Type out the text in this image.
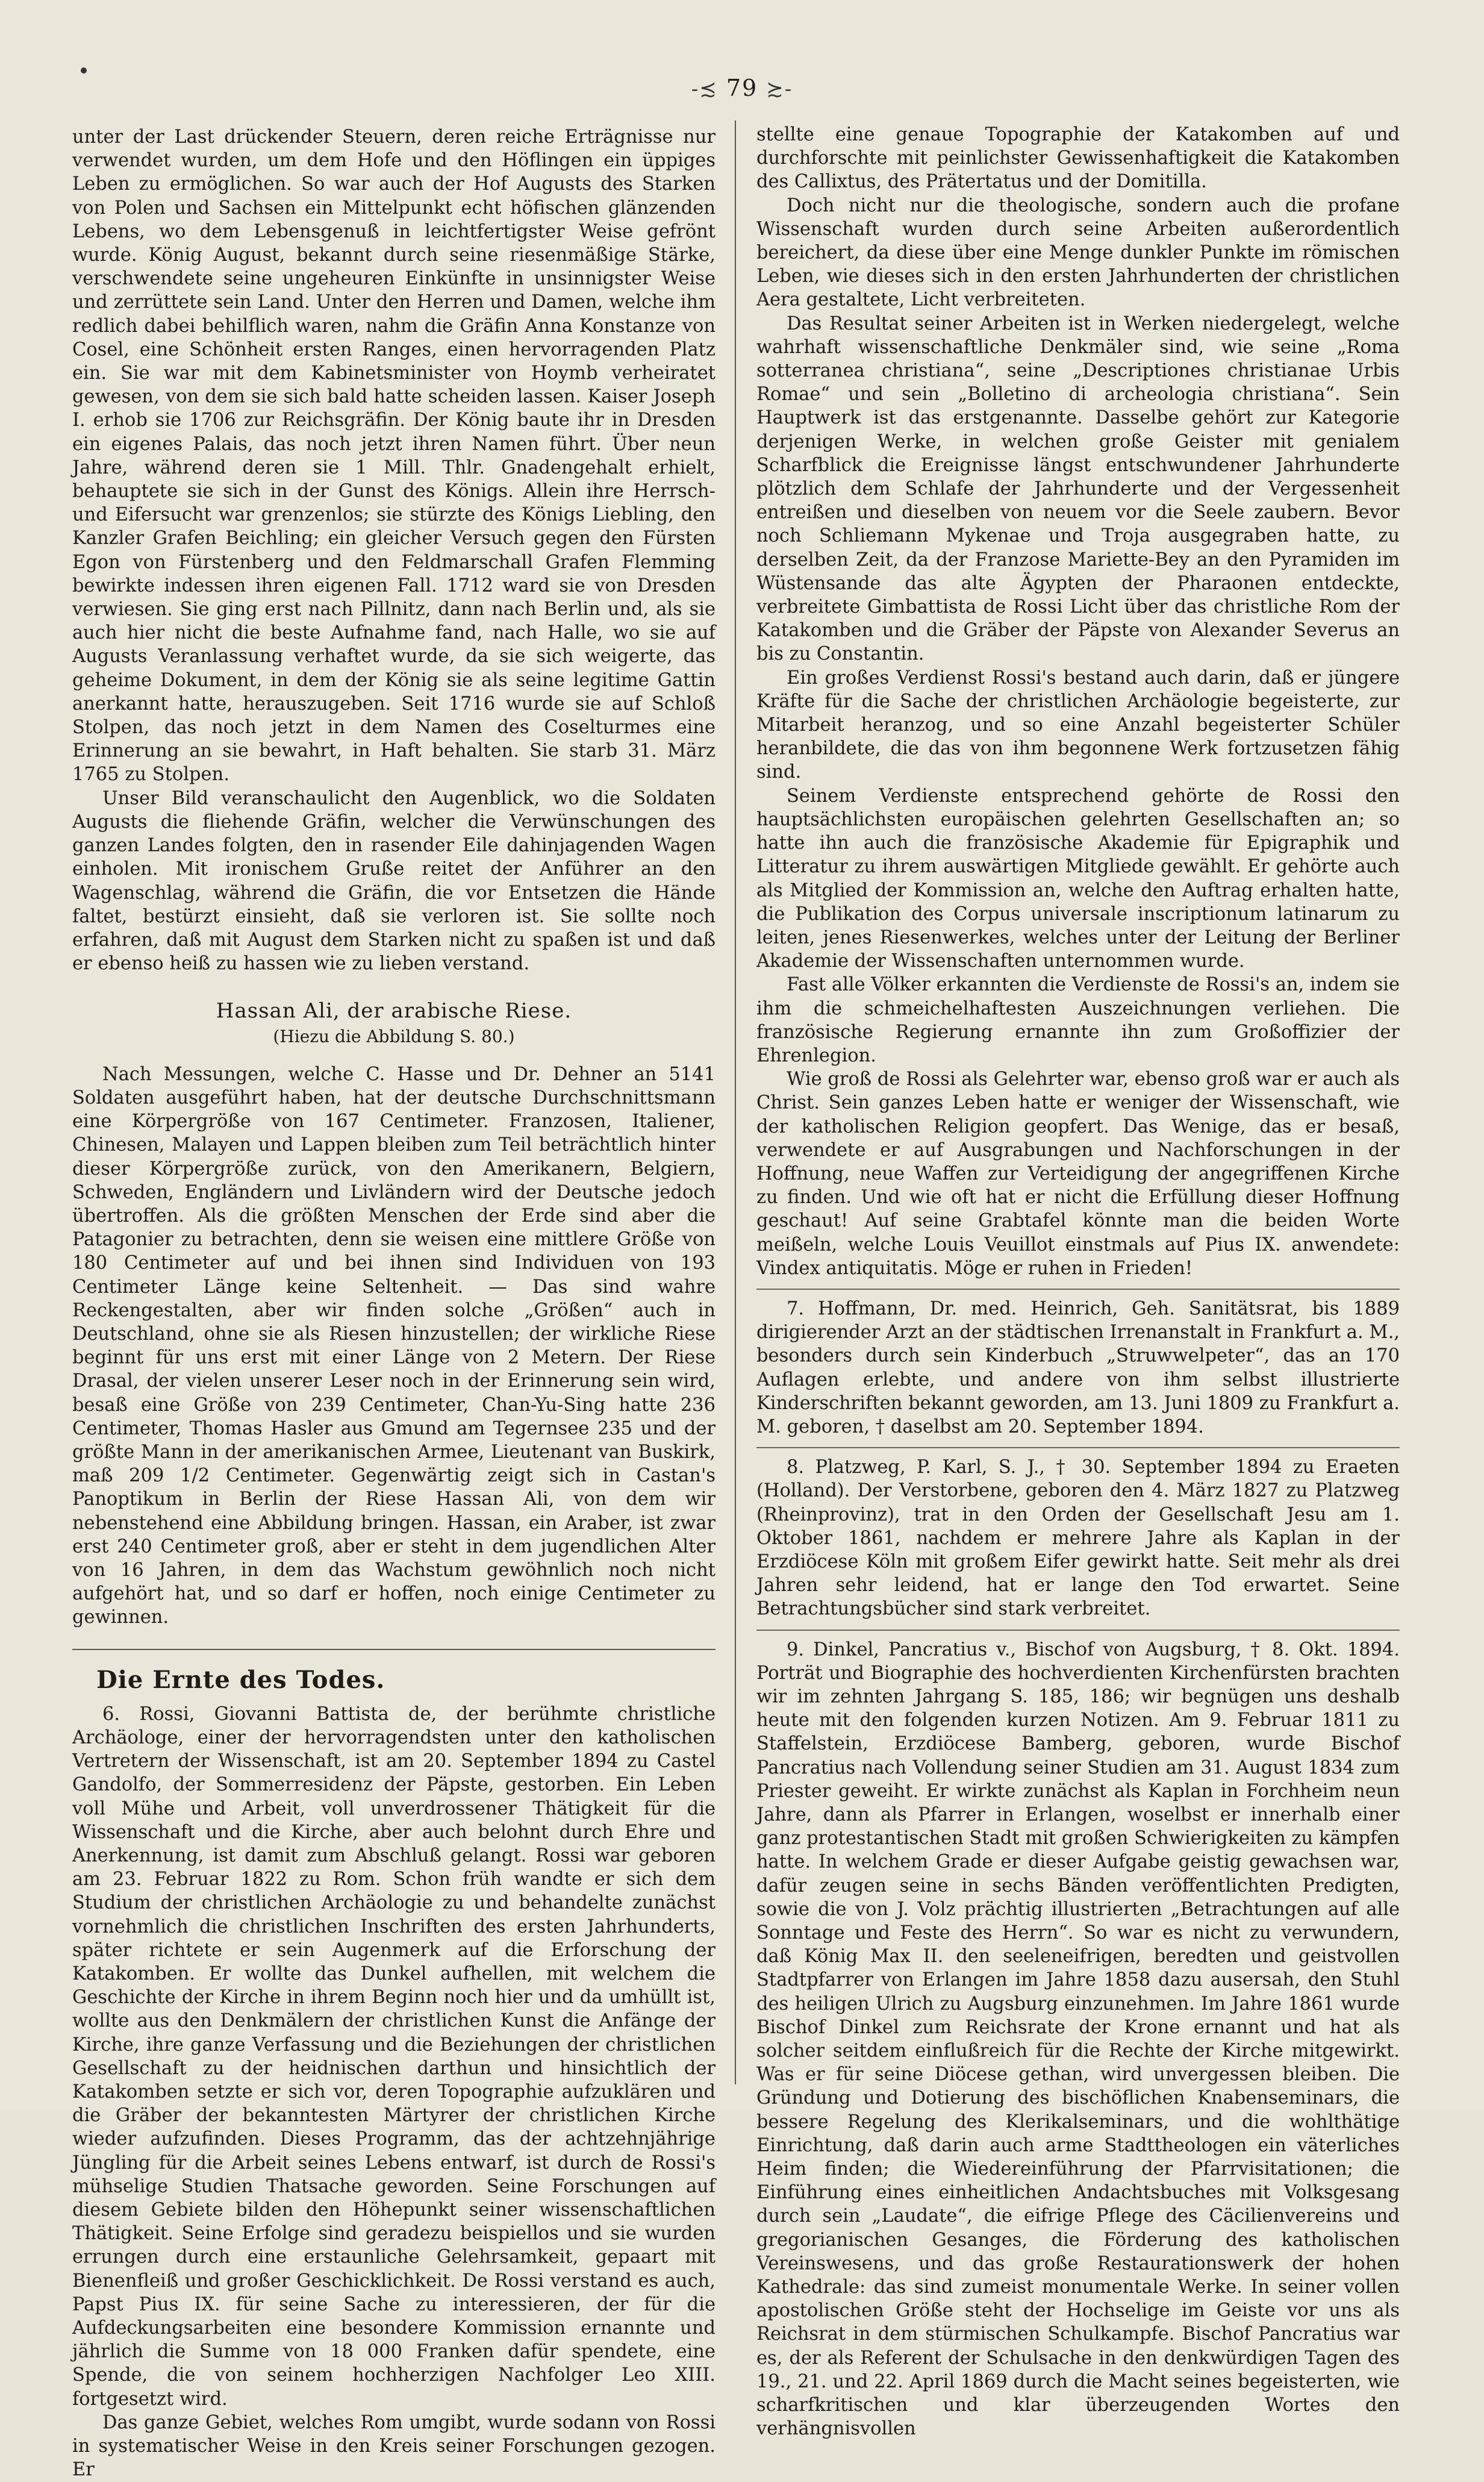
-≾ 79 ≿-

unter der Last drückender Steuern, deren reiche Erträgnisse nur verwendet wurden, um dem Hofe und den Höflingen ein üppiges Leben zu ermöglichen. So war auch der Hof Augusts des Starken von Polen und Sachsen ein Mittelpunkt echt höfischen glänzenden Lebens, wo dem Lebensgenuß in leichtfertigster Weise gefrönt wurde. König August, bekannt durch seine riesenmäßige Stärke, verschwendete seine ungeheuren Einkünfte in unsinnigster Weise und zerrüttete sein Land. Unter den Herren und Damen, welche ihm redlich dabei behilflich waren, nahm die Gräfin Anna Konstanze von Cosel, eine Schönheit ersten Ranges, einen hervorragenden Platz ein. Sie war mit dem Kabinetsminister von Hoymb verheiratet gewesen, von dem sie sich bald hatte scheiden lassen. Kaiser Joseph I. erhob sie 1706 zur Reichsgräfin. Der König baute ihr in Dresden ein eigenes Palais, das noch jetzt ihren Namen führt. Über neun Jahre, während deren sie 1 Mill. Thlr. Gnadengehalt erhielt, behauptete sie sich in der Gunst des Königs. Allein ihre Herrsch- und Eifersucht war grenzenlos; sie stürzte des Königs Liebling, den Kanzler Grafen Beichling; ein gleicher Versuch gegen den Fürsten Egon von Fürstenberg und den Feldmarschall Grafen Flemming bewirkte indessen ihren eigenen Fall. 1712 ward sie von Dresden verwiesen. Sie ging erst nach Pillnitz, dann nach Berlin und, als sie auch hier nicht die beste Aufnahme fand, nach Halle, wo sie auf Augusts Veranlassung verhaftet wurde, da sie sich weigerte, das geheime Dokument, in dem der König sie als seine legitime Gattin anerkannt hatte, herauszugeben. Seit 1716 wurde sie auf Schloß Stolpen, das noch jetzt in dem Namen des Coselturmes eine Erinnerung an sie bewahrt, in Haft behalten. Sie starb 31. März 1765 zu Stolpen.

Unser Bild veranschaulicht den Augenblick, wo die Soldaten Augusts die fliehende Gräfin, welcher die Verwünschungen des ganzen Landes folgten, den in rasender Eile dahinjagenden Wagen einholen. Mit ironischem Gruße reitet der Anführer an den Wagenschlag, während die Gräfin, die vor Entsetzen die Hände faltet, bestürzt einsieht, daß sie verloren ist. Sie sollte noch erfahren, daß mit August dem Starken nicht zu spaßen ist und daß er ebenso heiß zu hassen wie zu lieben verstand.

Hassan Ali, der arabische Riese.
(Hiezu die Abbildung S. 80.)

Nach Messungen, welche C. Hasse und Dr. Dehner an 5141 Soldaten ausgeführt haben, hat der deutsche Durchschnittsmann eine Körpergröße von 167 Centimeter. Franzosen, Italiener, Chinesen, Malayen und Lappen bleiben zum Teil beträchtlich hinter dieser Körpergröße zurück, von den Amerikanern, Belgiern, Schweden, Engländern und Livländern wird der Deutsche jedoch übertroffen. Als die größten Menschen der Erde sind aber die Patagonier zu betrachten, denn sie weisen eine mittlere Größe von 180 Centimeter auf und bei ihnen sind Individuen von 193 Centimeter Länge keine Seltenheit. — Das sind wahre Reckengestalten, aber wir finden solche „Größen“ auch in Deutschland, ohne sie als Riesen hinzustellen; der wirkliche Riese beginnt für uns erst mit einer Länge von 2 Metern. Der Riese Drasal, der vielen unserer Leser noch in der Erinnerung sein wird, besaß eine Größe von 239 Centimeter, Chan-Yu-Sing hatte 236 Centimeter, Thomas Hasler aus Gmund am Tegernsee 235 und der größte Mann in der amerikanischen Armee, Lieutenant van Buskirk, maß 209 1/2 Centimeter. Gegenwärtig zeigt sich in Castan's Panoptikum in Berlin der Riese Hassan Ali, von dem wir nebenstehend eine Abbildung bringen. Hassan, ein Araber, ist zwar erst 240 Centimeter groß, aber er steht in dem jugendlichen Alter von 16 Jahren, in dem das Wachstum gewöhnlich noch nicht aufgehört hat, und so darf er hoffen, noch einige Centimeter zu gewinnen.

Die Ernte des Todes.

6. Rossi, Giovanni Battista de, der berühmte christliche Archäologe, einer der hervorragendsten unter den katholischen Vertretern der Wissenschaft, ist am 20. September 1894 zu Castel Gandolfo, der Sommerresidenz der Päpste, gestorben. Ein Leben voll Mühe und Arbeit, voll unverdrossener Thätigkeit für die Wissenschaft und die Kirche, aber auch belohnt durch Ehre und Anerkennung, ist damit zum Abschluß gelangt. Rossi war geboren am 23. Februar 1822 zu Rom. Schon früh wandte er sich dem Studium der christlichen Archäologie zu und behandelte zunächst vornehmlich die christlichen Inschriften des ersten Jahrhunderts, später richtete er sein Augenmerk auf die Erforschung der Katakomben. Er wollte das Dunkel aufhellen, mit welchem die Geschichte der Kirche in ihrem Beginn noch hier und da umhüllt ist, wollte aus den Denkmälern der christlichen Kunst die Anfänge der Kirche, ihre ganze Verfassung und die Beziehungen der christlichen Gesellschaft zu der heidnischen darthun und hinsichtlich der Katakomben setzte er sich vor, deren Topographie aufzuklären und die Gräber der bekanntesten Märtyrer der christlichen Kirche wieder aufzufinden. Dieses Programm, das der achtzehnjährige Jüngling für die Arbeit seines Lebens entwarf, ist durch de Rossi's mühselige Studien Thatsache geworden. Seine Forschungen auf diesem Gebiete bilden den Höhepunkt seiner wissenschaftlichen Thätigkeit. Seine Erfolge sind geradezu beispiellos und sie wurden errungen durch eine erstaunliche Gelehrsamkeit, gepaart mit Bienenfleiß und großer Geschicklichkeit. De Rossi verstand es auch, Papst Pius IX. für seine Sache zu interessieren, der für die Aufdeckungsarbeiten eine besondere Kommission ernannte und jährlich die Summe von 18 000 Franken dafür spendete, eine Spende, die von seinem hochherzigen Nachfolger Leo XIII. fortgesetzt wird.

Das ganze Gebiet, welches Rom umgibt, wurde sodann von Rossi in systematischer Weise in den Kreis seiner Forschungen gezogen. Er

stellte eine genaue Topographie der Katakomben auf und durchforschte mit peinlichster Gewissenhaftigkeit die Katakomben des Callixtus, des Prätertatus und der Domitilla.

Doch nicht nur die theologische, sondern auch die profane Wissenschaft wurden durch seine Arbeiten außerordentlich bereichert, da diese über eine Menge dunkler Punkte im römischen Leben, wie dieses sich in den ersten Jahrhunderten der christlichen Aera gestaltete, Licht verbreiteten.

Das Resultat seiner Arbeiten ist in Werken niedergelegt, welche wahrhaft wissenschaftliche Denkmäler sind, wie seine „Roma sotterranea christiana“, seine „Descriptiones christianae Urbis Romae“ und sein „Bolletino di archeologia christiana“. Sein Hauptwerk ist das erstgenannte. Dasselbe gehört zur Kategorie derjenigen Werke, in welchen große Geister mit genialem Scharfblick die Ereignisse längst entschwundener Jahrhunderte plötzlich dem Schlafe der Jahrhunderte und der Vergessenheit entreißen und dieselben von neuem vor die Seele zaubern. Bevor noch Schliemann Mykenae und Troja ausgegraben hatte, zu derselben Zeit, da der Franzose Mariette-Bey an den Pyramiden im Wüstensande das alte Ägypten der Pharaonen entdeckte, verbreitete Gimbattista de Rossi Licht über das christliche Rom der Katakomben und die Gräber der Päpste von Alexander Severus an bis zu Constantin.

Ein großes Verdienst Rossi's bestand auch darin, daß er jüngere Kräfte für die Sache der christlichen Archäologie begeisterte, zur Mitarbeit heranzog, und so eine Anzahl begeisterter Schüler heranbildete, die das von ihm begonnene Werk fortzusetzen fähig sind.

Seinem Verdienste entsprechend gehörte de Rossi den hauptsächlichsten europäischen gelehrten Gesellschaften an; so hatte ihn auch die französische Akademie für Epigraphik und Litteratur zu ihrem auswärtigen Mitgliede gewählt. Er gehörte auch als Mitglied der Kommission an, welche den Auftrag erhalten hatte, die Publikation des Corpus universale inscriptionum latinarum zu leiten, jenes Riesenwerkes, welches unter der Leitung der Berliner Akademie der Wissenschaften unternommen wurde.

Fast alle Völker erkannten die Verdienste de Rossi's an, indem sie ihm die schmeichelhaftesten Auszeichnungen verliehen. Die französische Regierung ernannte ihn zum Großoffizier der Ehrenlegion.

Wie groß de Rossi als Gelehrter war, ebenso groß war er auch als Christ. Sein ganzes Leben hatte er weniger der Wissenschaft, wie der katholischen Religion geopfert. Das Wenige, das er besaß, verwendete er auf Ausgrabungen und Nachforschungen in der Hoffnung, neue Waffen zur Verteidigung der angegriffenen Kirche zu finden. Und wie oft hat er nicht die Erfüllung dieser Hoffnung geschaut! Auf seine Grabtafel könnte man die beiden Worte meißeln, welche Louis Veuillot einstmals auf Pius IX. anwendete: Vindex antiquitatis. Möge er ruhen in Frieden!

7. Hoffmann, Dr. med. Heinrich, Geh. Sanitätsrat, bis 1889 dirigierender Arzt an der städtischen Irrenanstalt in Frankfurt a. M., besonders durch sein Kinderbuch „Struwwelpeter“, das an 170 Auflagen erlebte, und andere von ihm selbst illustrierte Kinderschriften bekannt geworden, am 13. Juni 1809 zu Frankfurt a. M. geboren, † daselbst am 20. September 1894.

8. Platzweg, P. Karl, S. J., † 30. September 1894 zu Eraeten (Holland). Der Verstorbene, geboren den 4. März 1827 zu Platzweg (Rheinprovinz), trat in den Orden der Gesellschaft Jesu am 1. Oktober 1861, nachdem er mehrere Jahre als Kaplan in der Erzdiöcese Köln mit großem Eifer gewirkt hatte. Seit mehr als drei Jahren sehr leidend, hat er lange den Tod erwartet. Seine Betrachtungsbücher sind stark verbreitet.

9. Dinkel, Pancratius v., Bischof von Augsburg, † 8. Okt. 1894. Porträt und Biographie des hochverdienten Kirchenfürsten brachten wir im zehnten Jahrgang S. 185, 186; wir begnügen uns deshalb heute mit den folgenden kurzen Notizen. Am 9. Februar 1811 zu Staffelstein, Erzdiöcese Bamberg, geboren, wurde Bischof Pancratius nach Vollendung seiner Studien am 31. August 1834 zum Priester geweiht. Er wirkte zunächst als Kaplan in Forchheim neun Jahre, dann als Pfarrer in Erlangen, woselbst er innerhalb einer ganz protestantischen Stadt mit großen Schwierigkeiten zu kämpfen hatte. In welchem Grade er dieser Aufgabe geistig gewachsen war, dafür zeugen seine in sechs Bänden veröffentlichten Predigten, sowie die von J. Volz prächtig illustrierten „Betrachtungen auf alle Sonntage und Feste des Herrn“. So war es nicht zu verwundern, daß König Max II. den seeleneifrigen, beredten und geistvollen Stadtpfarrer von Erlangen im Jahre 1858 dazu ausersah, den Stuhl des heiligen Ulrich zu Augsburg einzunehmen. Im Jahre 1861 wurde Bischof Dinkel zum Reichsrate der Krone ernannt und hat als solcher seitdem einflußreich für die Rechte der Kirche mitgewirkt. Was er für seine Diöcese gethan, wird unvergessen bleiben. Die Gründung und Dotierung des bischöflichen Knabenseminars, die bessere Regelung des Klerikalseminars, und die wohlthätige Einrichtung, daß darin auch arme Stadttheologen ein väterliches Heim finden; die Wiedereinführung der Pfarrvisitationen; die Einführung eines einheitlichen Andachtsbuches mit Volksgesang durch sein „Laudate“, die eifrige Pflege des Cäcilienvereins und gregorianischen Gesanges, die Förderung des katholischen Vereinswesens, und das große Restaurationswerk der hohen Kathedrale: das sind zumeist monumentale Werke. In seiner vollen apostolischen Größe steht der Hochselige im Geiste vor uns als Reichsrat in dem stürmischen Schulkampfe. Bischof Pancratius war es, der als Referent der Schulsache in den denkwürdigen Tagen des 19., 21. und 22. April 1869 durch die Macht seines begeisterten, wie scharfkritischen und klar überzeugenden Wortes den verhängnisvollen
